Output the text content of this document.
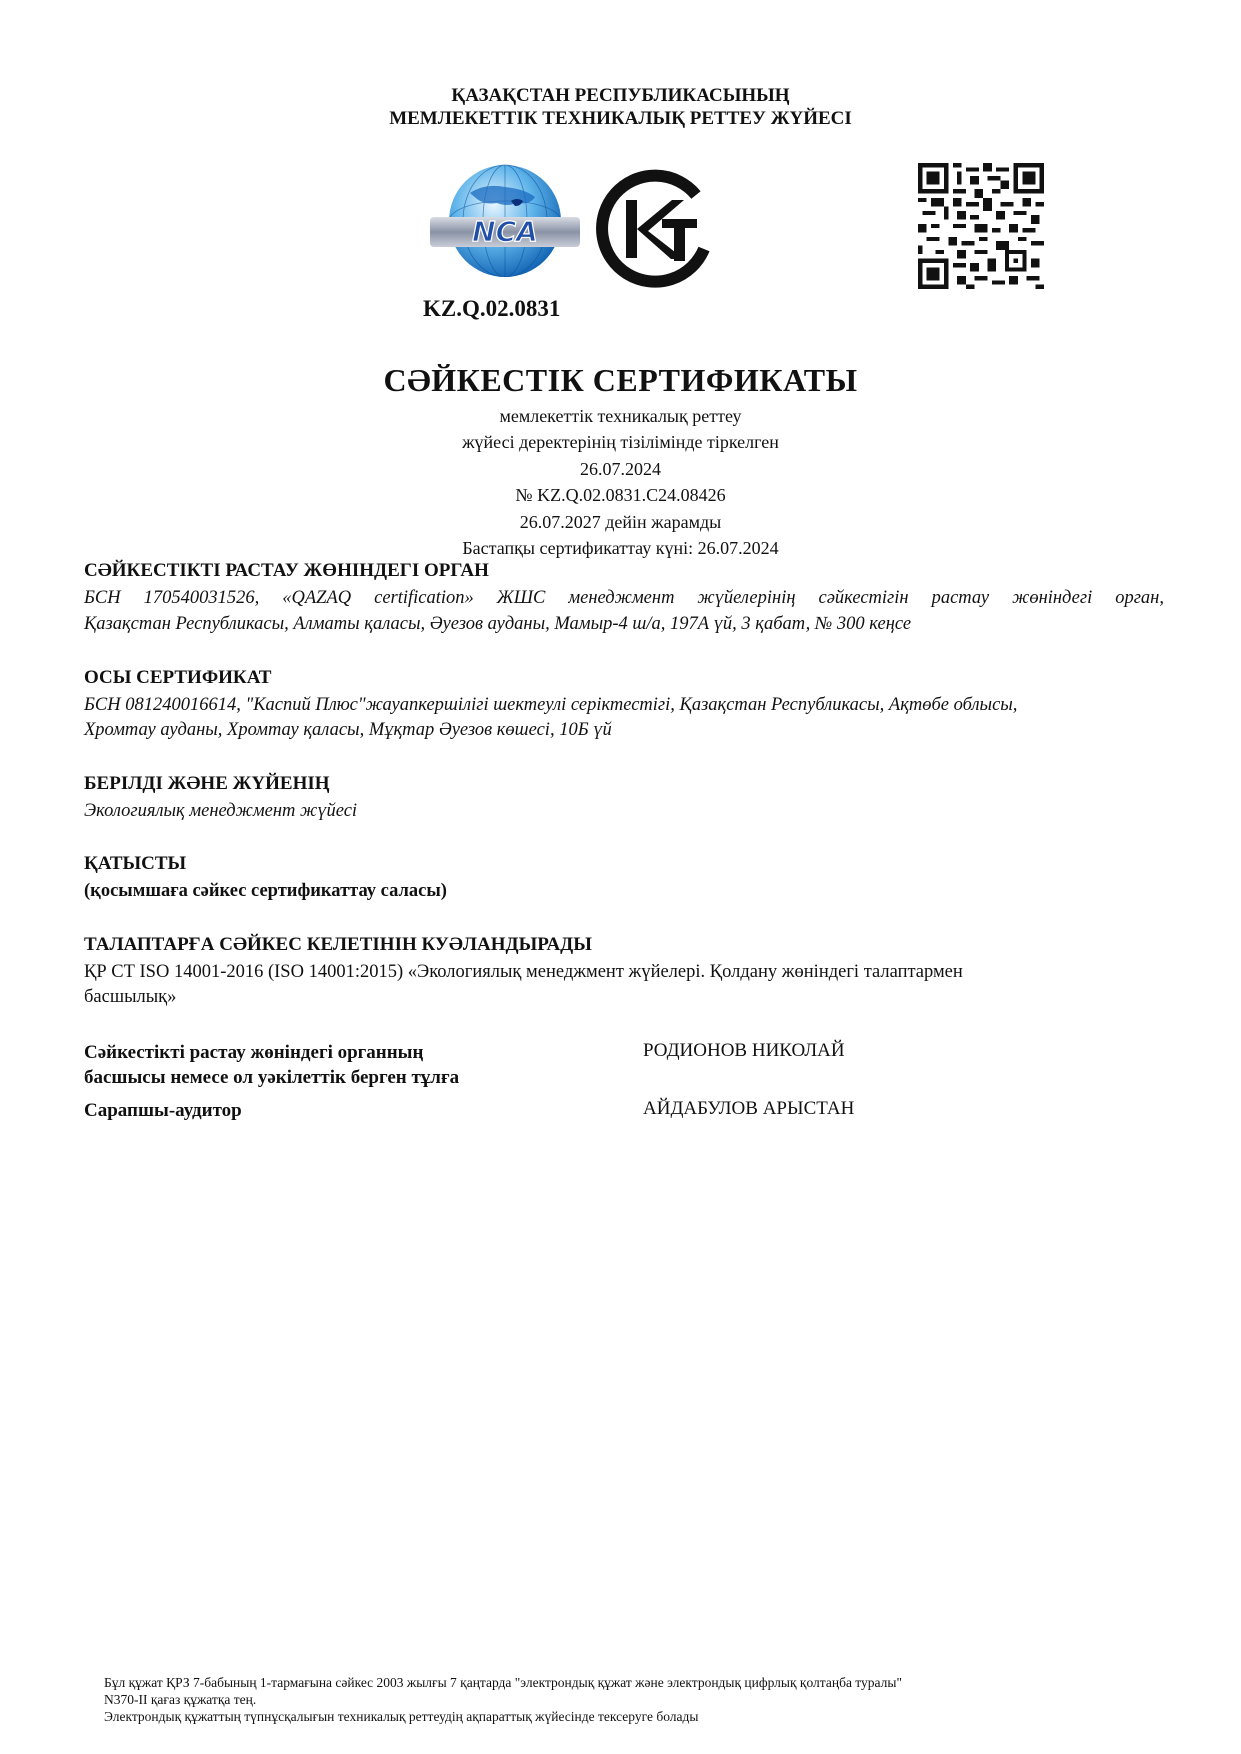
ҚАЗАҚСТАН РЕСПУБЛИКАСЫНЫҢ
МЕМЛЕКЕТТІК ТЕХНИКАЛЫҚ РЕТТЕУ ЖҮЙЕСІ
NCA
KZ.Q.02.0831
СӘЙКЕСТІК СЕРТИФИКАТЫ
мемлекеттік техникалық реттеу
жүйесі деректерінің тізілімінде тіркелген
26.07.2024
№ KZ.Q.02.0831.C24.08426
26.07.2027 дейін жарамды
Бастапқы сертификаттау күні: 26.07.2024
СӘЙКЕСТІКТІ РАСТАУ ЖӨНІНДЕГІ ОРГАН
БСН 170540031526, «QAZAQ certification» ЖШС менеджмент жүйелерінің сәйкестігін растау жөніндегі орган,
Қазақстан Республикасы, Алматы қаласы, Әуезов ауданы, Мамыр-4 ш/а, 197А үй, 3 қабат, № 300 кеңсе
ОСЫ СЕРТИФИКАТ
БСН 081240016614, "Каспий Плюс"жауапкершілігі шектеулі серіктестігі, Қазақстан Республикасы, Ақтөбе облысы,
Хромтау ауданы, Хромтау қаласы, Мұқтар Әуезов көшесі, 10Б үй
БЕРІЛДІ ЖӘНЕ ЖҮЙЕНІҢ
Экологиялық менеджмент жүйесі
ҚАТЫСТЫ
(қосымшаға сәйкес сертификаттау саласы)
ТАЛАПТАРҒА СӘЙКЕС КЕЛЕТІНІН КУӘЛАНДЫРАДЫ
ҚР СТ ISO 14001-2016 (ISO 14001:2015) «Экологиялық менеджмент жүйелері. Қолдану жөніндегі талаптармен
басшылық»
Сәйкестікті растау жөніндегі органның
басшысы немесе ол уәкілеттік берген тұлға
РОДИОНОВ НИКОЛАЙ
Сарапшы-аудитор	АЙДАБУЛОВ АРЫСТАН
Бұл құжат ҚРЗ 7-бабының 1-тармағына сәйкес 2003 жылғы 7 қаңтарда "электрондық құжат және электрондық цифрлық қолтаңба туралы"
N370-II қағаз құжатқа тең.
Электрондық құжаттың түпнұсқалығын техникалық реттеудің ақпараттық жүйесінде тексеруге болады
